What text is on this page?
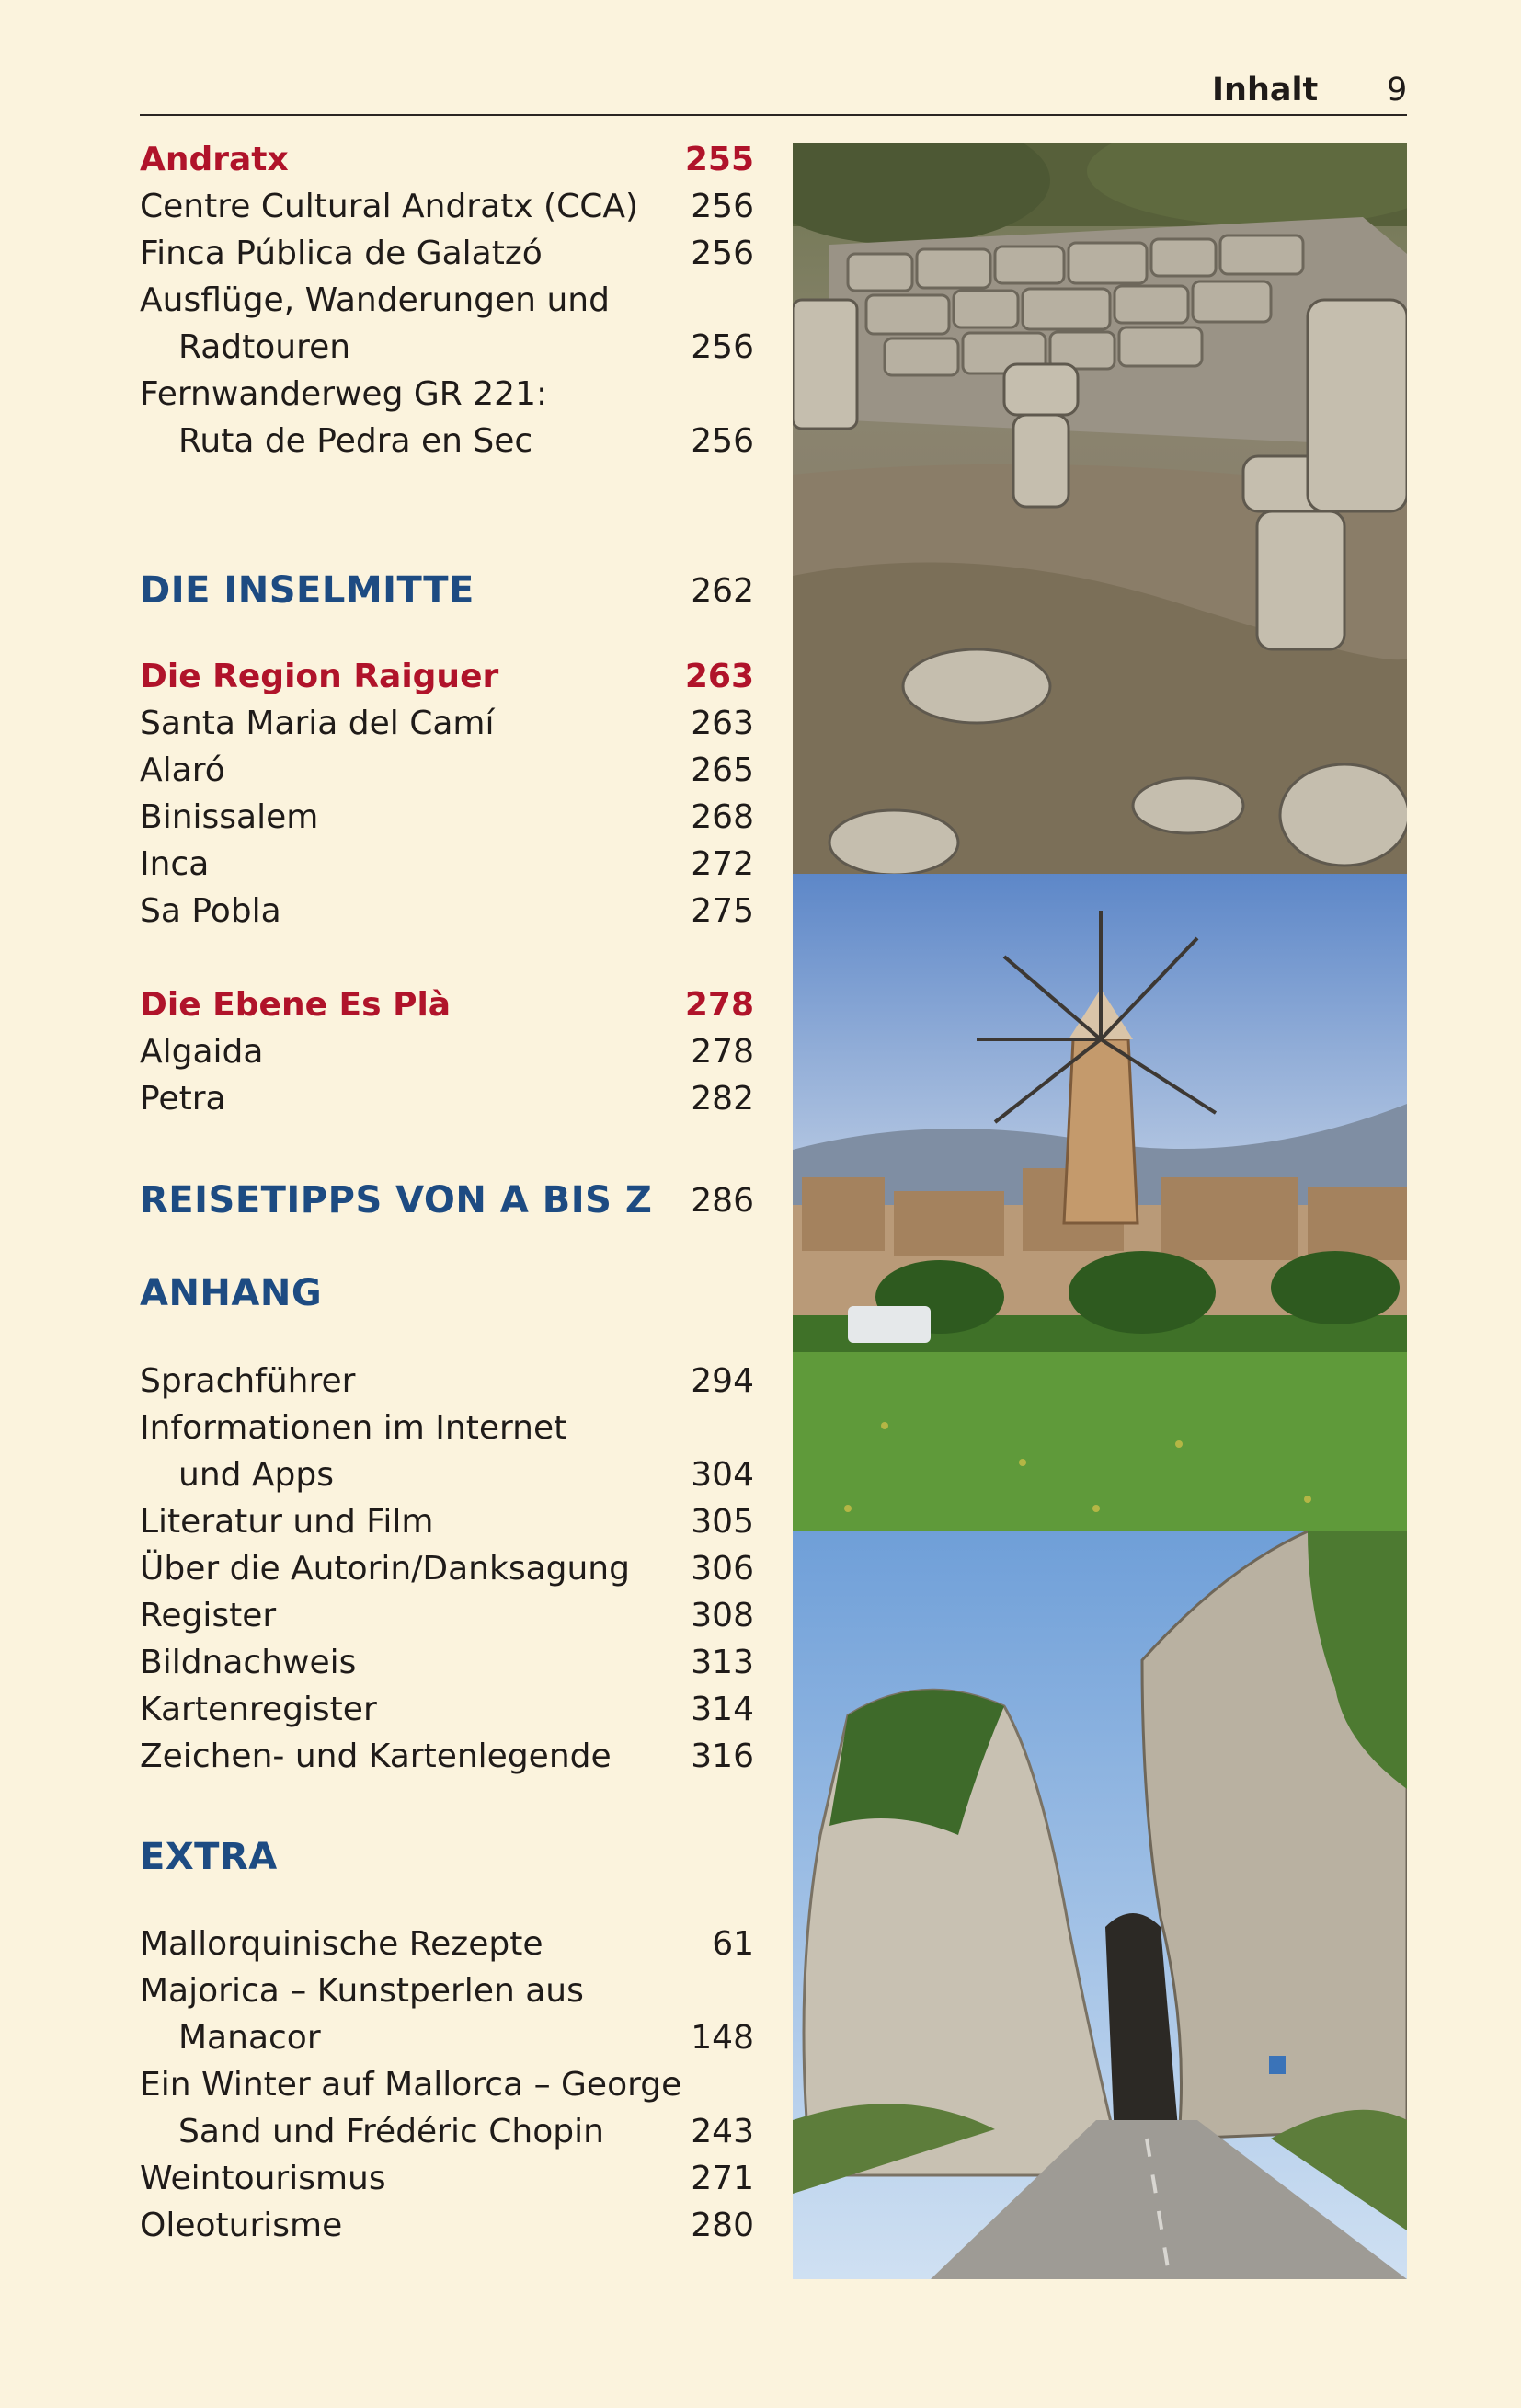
Inhalt 9
Andratx	255
Centre Cultural Andratx (CCA) 256
Finca Pública de Galatzó	256
Ausflüge, Wanderungen und
Radtouren	256
Fernwanderweg GR 221:
Ruta de Pedra en Sec	256
DIE INSELMITTE	262
Die Region Raiguer	263
Santa Maria del Camí	263
Alaró	265
Binissalem	268
Inca	272
Sa Pobla	275
Die Ebene Es Plà	278
Algaida	278
Petra	282
REISETIPPS VON A BIS Z 286
ANHANG
Sprachführer	294
Informationen im Internet
und Apps	304
Literatur und Film	305
Über die Autorin/Danksagung 306
Register	308
Bildnachweis	313
Kartenregister	314
Zeichen- und Kartenlegende 316
EXTRA
Mallorquinische Rezepte	61
Majorica – Kunstperlen aus
Manacor	148
Ein Winter auf Mallorca – George
Sand und Frédéric Chopin	243
Weintourismus	271
Oleoturisme	280
